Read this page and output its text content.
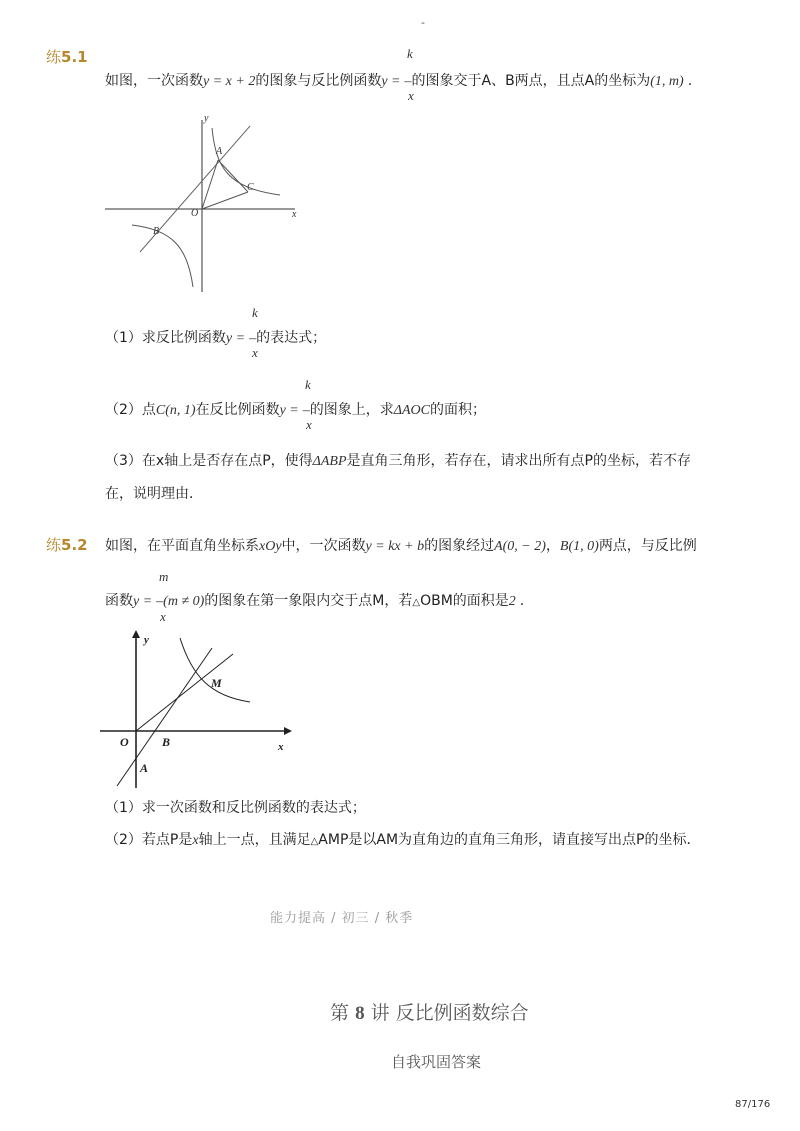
-
练5.1	k
如图，一次函数y = x + 2的图象与反比例函数y = –的图象交于A、B两点，且点A的坐标为(1, m) .
x
y
x
O
A
B
C
k
（1）求反比例函数y = –的表达式；
x
k
（2）点C(n, 1)在反比例函数y = –的图象上，求ΔAOC的面积；
x
（3）在x轴上是否存在点P，使得ΔABP是直角三角形，若存在，请求出所有点P的坐标，若不存
在，说明理由．
练5.2 如图，在平面直角坐标系xOy中，一次函数y = kx + b的图象经过A(0, − 2)，B(1, 0)两点，与反比例
m
函数y = –(m ≠ 0)的图象在第一象限内交于点M，若△OBM的面积是2 .
x
y
x
O	B
A
M
（1）求一次函数和反比例函数的表达式；
（2）若点P是x轴上一点，且满足△AMP是以AM为直角边的直角三角形，请直接写出点P的坐标．
能力提高 / 初三 / 秋季
第 8 讲 反比例函数综合
自我巩固答案
87/176
